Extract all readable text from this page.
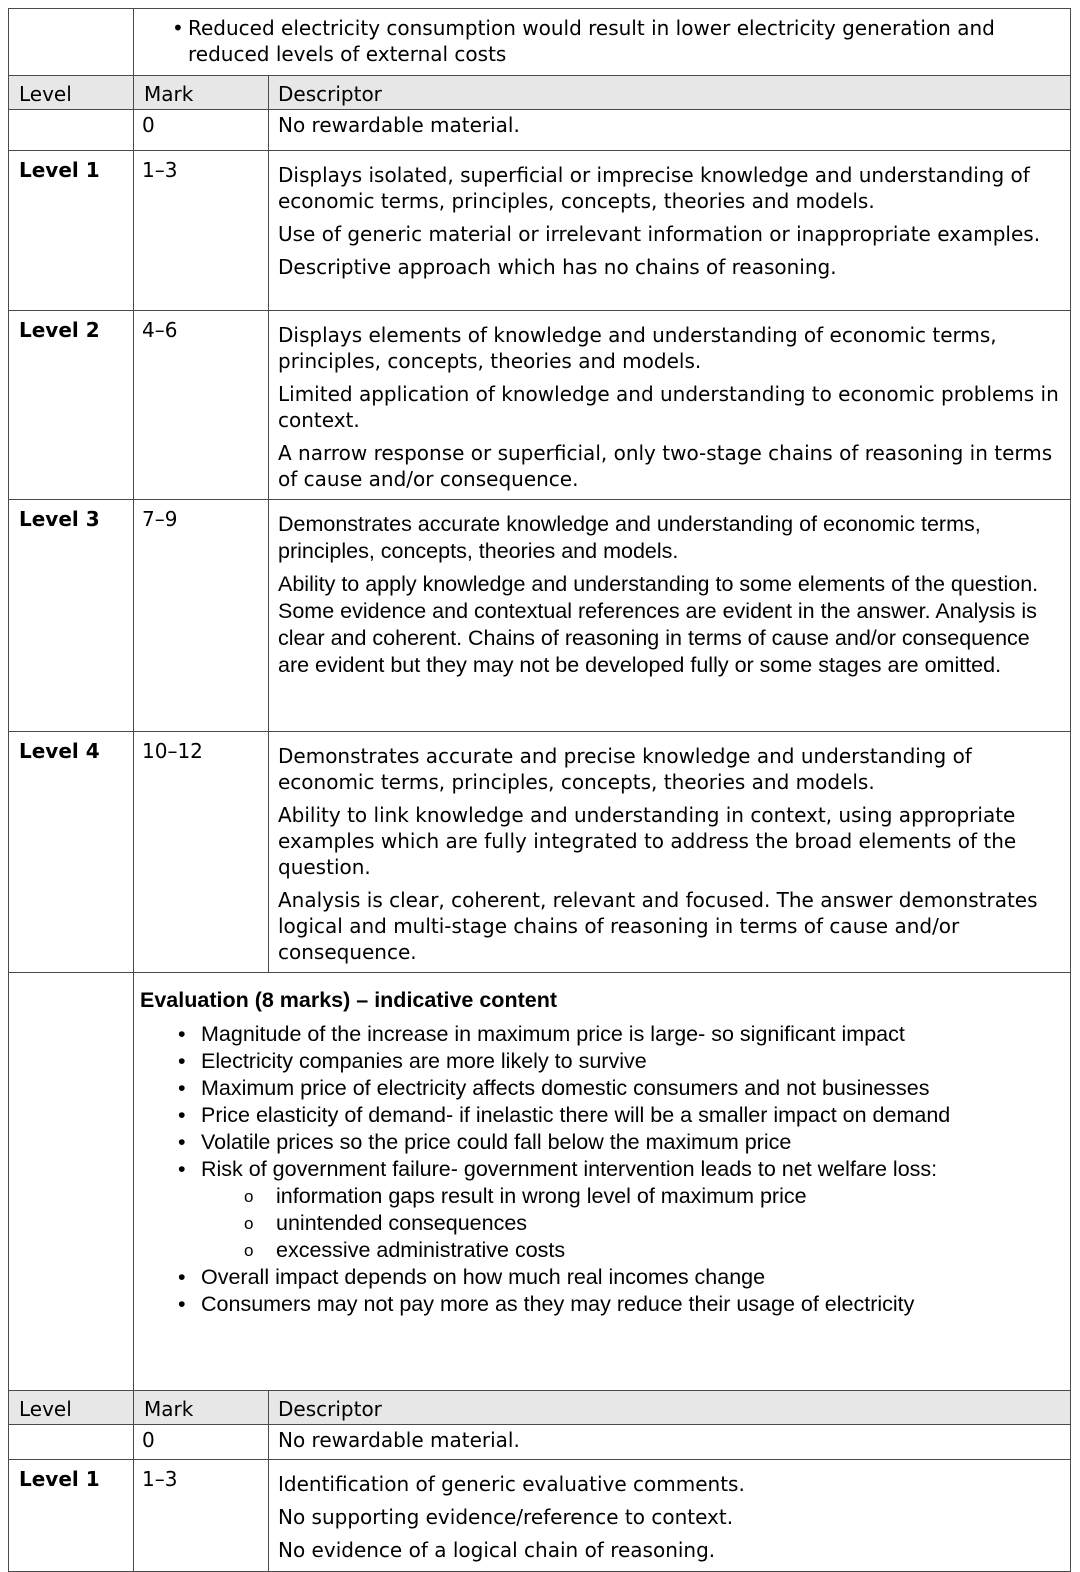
	• Reduced electricity consumption would result in lower electricity generation and reduced levels of external costs	

Level	Mark	Descriptor
	0	No rewardable material.
Level 1	1–3	Displays isolated, superficial or imprecise knowledge and understanding of economic terms, principles, concepts, theories and models.

Use of generic material or irrelevant information or inappropriate examples.

Descriptive approach which has no chains of reasoning.

Level 2	4–6	Displays elements of knowledge and understanding of economic terms, principles, concepts, theories and models.

Limited application of knowledge and understanding to economic problems in context.

A narrow response or superficial, only two-stage chains of reasoning in terms of cause and/or consequence.

Level 3	7–9	Demonstrates accurate knowledge and understanding of economic terms, principles, concepts, theories and models.

Ability to apply knowledge and understanding to some elements of the question. Some evidence and contextual references are evident in the answer. Analysis is clear and coherent. Chains of reasoning in terms of cause and/or consequence are evident but they may not be developed fully or some stages are omitted.

Level 4	10–12	Demonstrates accurate and precise knowledge and understanding of economic terms, principles, concepts, theories and models.

Ability to link knowledge and understanding in context, using appropriate examples which are fully integrated to address the broad elements of the question.

Analysis is clear, coherent, relevant and focused. The answer demonstrates logical and multi-stage chains of reasoning in terms of cause and/or consequence.

Evaluation (8 marks) – indicative content

• Magnitude of the increase in maximum price is large- so significant impact
• Electricity companies are more likely to survive
• Maximum price of electricity affects domestic consumers and not businesses
• Price elasticity of demand- if inelastic there will be a smaller impact on demand
• Volatile prices so the price could fall below the maximum price
• Risk of government failure- government intervention leads to net welfare loss:
o	information gaps result in wrong level of maximum price
o	unintended consequences
o	excessive administrative costs
• Overall impact depends on how much real incomes change
• Consumers may not pay more as they may reduce their usage of electricity

Level	Mark	Descriptor
	0	No rewardable material.
Level 1	1–3	Identification of generic evaluative comments.

No supporting evidence/reference to context.

No evidence of a logical chain of reasoning.
